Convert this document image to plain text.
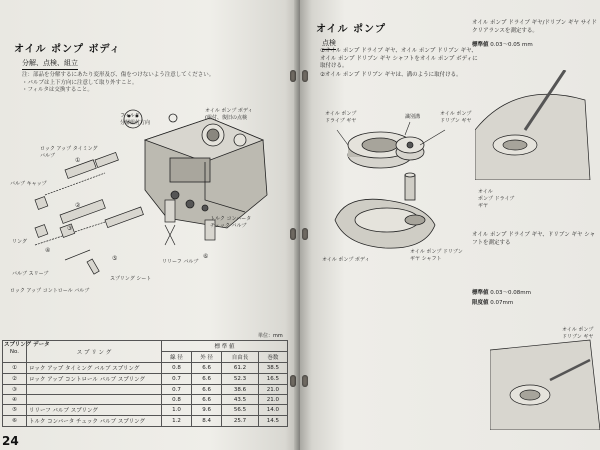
オイル ポンプ ボディ
分解、点検、組立
注：部品を分解するにあたり変形及び、傷をつけないよう注意してください。
・バルブは上下方向に注意して取り外すこと。
・フィルタは交換すること。
⑤	⑥
①
②
③
④
フィルタ
分解組付方向
オイル ポンプ ボディ
(組付、復旧の点検
ロック アップ タイミング
バルブ
バルブ キャップ
リング
バルブ スリーブ
ロック アップ コントロール バルブ
スプリング シート
リリーフ バルブ
トルク コンバータ
チェック バルブ
単位：mm
スプリング データ
No.	ス プ リ ン グ	標 準 値			
		線 径	外 径	自由長	巻数
①	ロック アップ タイミング バルブ スプリング	0.8	6.6	61.2	38.5
②	ロック アップ コントロール バルブ スプリング	0.7	6.6	52.3	16.5
③		0.7	6.6	38.6	21.0
④		0.8	6.6	43.5	21.0
⑤	リリーフ バルブ スプリング	1.0	9.6	56.5	14.0
⑥	トルク コンバータ チェック バルブ スプリング	1.2	8.4	25.7	14.5
24
オイル ポンプ
点検
①オイル ポンプ ドライブ ギヤ、オイル ポンプ ドリブン ギヤ、オイル ポンプ ドリブン ギヤ シャフトをオイル ポンプ ボディに取付ける。
②オイル ポンプ ドリブン ギヤは、溝のように取付ける。
オイル ポンプ
ドライブ ギヤ
識別溝	オイル ポンプ
ドリブン ギヤ
オイル ポンプ ボディ
オイル ポンプ ドリブン
ギヤ シャフト
オイル ポンプ ドライブ ギヤ/ドリブン ギヤ サイド クリアランスを測定する。
標準値 0.03～0.05 mm
オイル
ポンプ ドライブ
ギヤ
オイル ポンプ ドライブ ギヤ、ドリブン ギヤ シャフトを測定する
標準値 0.03～0.08mm
限度値 0.07mm
オイル ポンプ
ドリブン ギヤ
